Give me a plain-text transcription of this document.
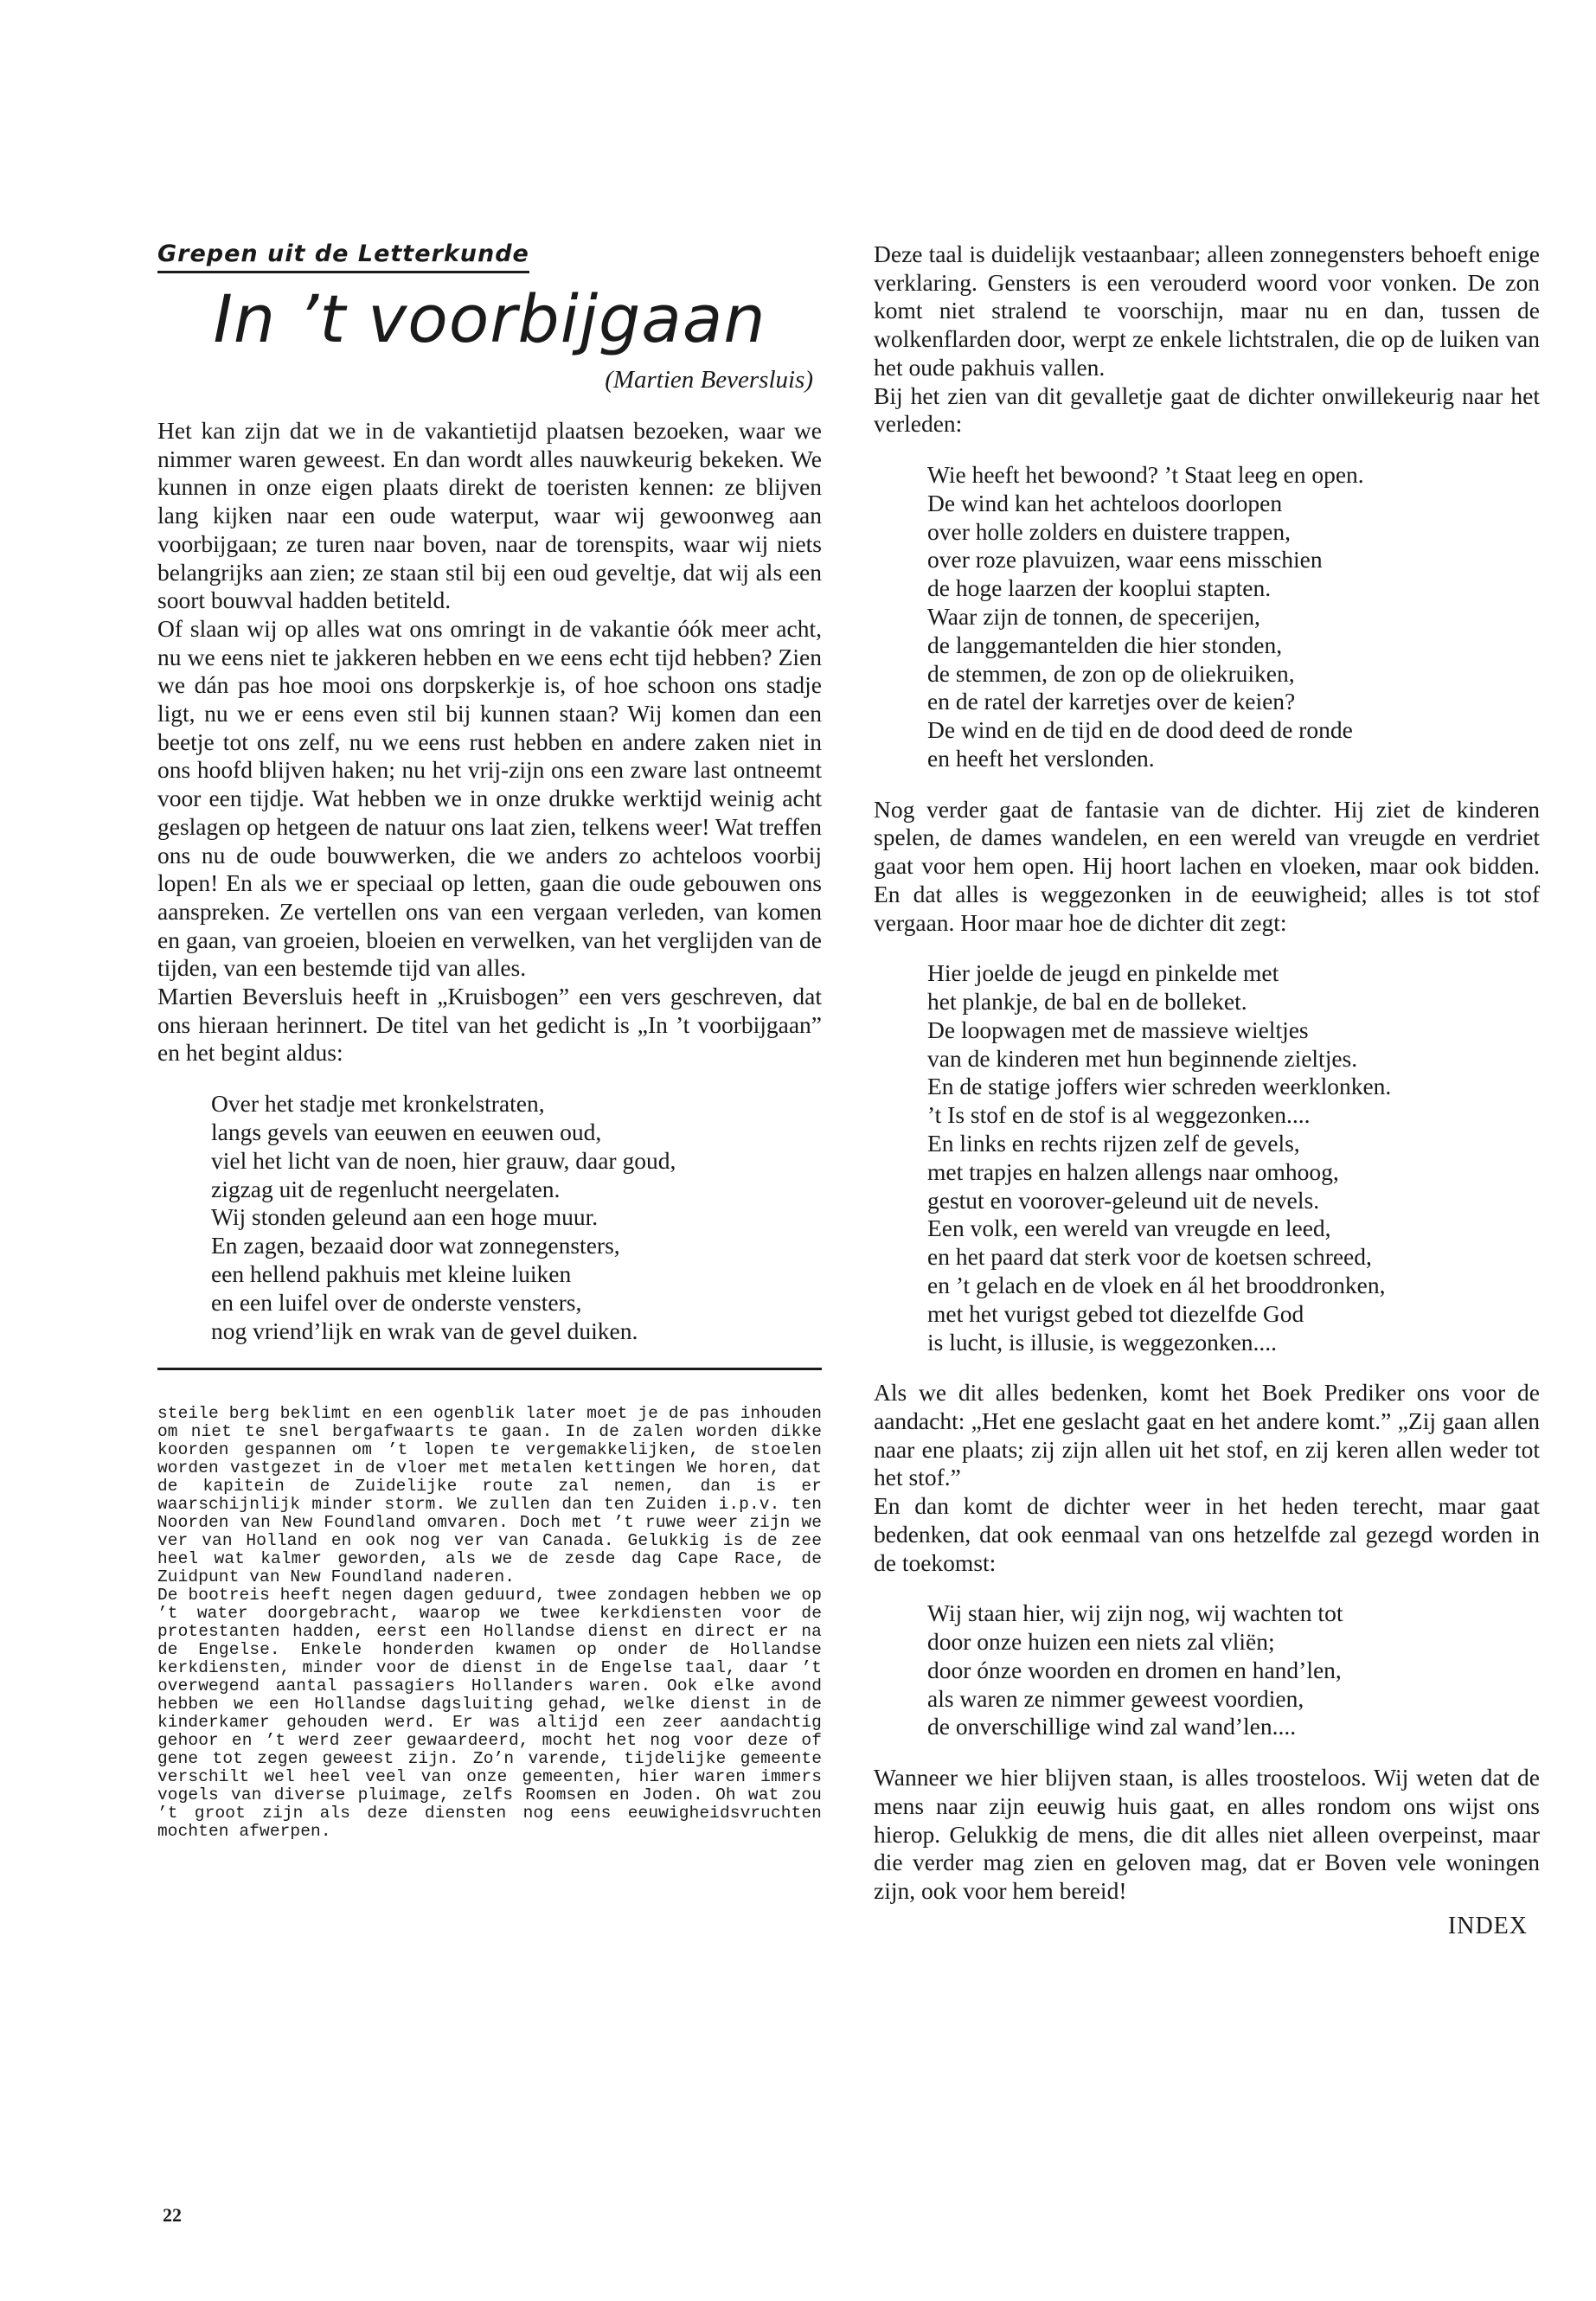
Grepen uit de Letterkunde
In ’t voorbijgaan
(Martien Beversluis)

Het kan zijn dat we in de vakantietijd plaatsen bezoeken, waar we nimmer waren geweest. En dan wordt alles nauwkeurig bekeken. We kunnen in onze eigen plaats direkt de toeristen kennen: ze blijven lang kijken naar een oude waterput, waar wij gewoonweg aan voorbijgaan; ze turen naar boven, naar de torenspits, waar wij niets belangrijks aan zien; ze staan stil bij een oud geveltje, dat wij als een soort bouwval hadden betiteld.

Of slaan wij op alles wat ons omringt in de vakantie óók meer acht, nu we eens niet te jakkeren hebben en we eens echt tijd hebben? Zien we dán pas hoe mooi ons dorpskerkje is, of hoe schoon ons stadje ligt, nu we er eens even stil bij kunnen staan? Wij komen dan een beetje tot ons zelf, nu we eens rust hebben en andere zaken niet in ons hoofd blijven haken; nu het vrij-zijn ons een zware last ontneemt voor een tijdje. Wat hebben we in onze drukke werktijd weinig acht geslagen op hetgeen de natuur ons laat zien, telkens weer! Wat treffen ons nu de oude bouwwerken, die we anders zo achteloos voorbij lopen! En als we er speciaal op letten, gaan die oude gebouwen ons aanspreken. Ze vertellen ons van een vergaan verleden, van komen en gaan, van groeien, bloeien en verwelken, van het verglijden van de tijden, van een bestemde tijd van alles.

Martien Beversluis heeft in „Kruisbogen” een vers geschreven, dat ons hieraan herinnert. De titel van het gedicht is „In ’t voorbijgaan” en het begint aldus:

Over het stadje met kronkelstraten,
langs gevels van eeuwen en eeuwen oud,
viel het licht van de noen, hier grauw, daar goud,
zigzag uit de regenlucht neergelaten.
Wij stonden geleund aan een hoge muur.
En zagen, bezaaid door wat zonnegensters,
een hellend pakhuis met kleine luiken
en een luifel over de onderste vensters,
nog vriend’lijk en wrak van de gevel duiken.

steile berg beklimt en een ogenblik later moet je de pas inhouden om niet te snel bergafwaarts te gaan. In de zalen worden dikke koorden gespannen om ’t lopen te vergemakkelijken, de stoelen worden vastgezet in de vloer met metalen kettingen We horen, dat de kapitein de Zuidelijke route zal nemen, dan is er waarschijnlijk minder storm. We zullen dan ten Zuiden i.p.v. ten Noorden van New Foundland omvaren. Doch met ’t ruwe weer zijn we ver van Holland en ook nog ver van Canada. Gelukkig is de zee heel wat kalmer geworden, als we de zesde dag Cape Race, de Zuidpunt van New Foundland naderen.

De bootreis heeft negen dagen geduurd, twee zondagen hebben we op ’t water doorgebracht, waarop we twee kerkdiensten voor de protestanten hadden, eerst een Hollandse dienst en direct er na de Engelse. Enkele honderden kwamen op onder de Hollandse kerkdiensten, minder voor de dienst in de Engelse taal, daar ’t overwegend aantal passagiers Hollanders waren. Ook elke avond hebben we een Hollandse dagsluiting gehad, welke dienst in de kinderkamer gehouden werd. Er was altijd een zeer aandachtig gehoor en ’t werd zeer gewaardeerd, mocht het nog voor deze of gene tot zegen geweest zijn. Zo’n varende, tijdelijke gemeente verschilt wel heel veel van onze gemeenten, hier waren immers vogels van diverse pluimage, zelfs Roomsen en Joden. Oh wat zou ’t groot zijn als deze diensten nog eens eeuwigheidsvruchten mochten afwerpen.

22

Deze taal is duidelijk vestaanbaar; alleen zonnegensters behoeft enige verklaring. Gensters is een verouderd woord voor vonken. De zon komt niet stralend te voorschijn, maar nu en dan, tussen de wolkenflarden door, werpt ze enkele lichtstralen, die op de luiken van het oude pakhuis vallen.

Bij het zien van dit gevalletje gaat de dichter onwillekeurig naar het verleden:

Wie heeft het bewoond? ’t Staat leeg en open.
De wind kan het achteloos doorlopen
over holle zolders en duistere trappen,
over roze plavuizen, waar eens misschien
de hoge laarzen der kooplui stapten.
Waar zijn de tonnen, de specerijen,
de langgemantelden die hier stonden,
de stemmen, de zon op de oliekruiken,
en de ratel der karretjes over de keien?
De wind en de tijd en de dood deed de ronde
en heeft het verslonden.

Nog verder gaat de fantasie van de dichter. Hij ziet de kinderen spelen, de dames wandelen, en een wereld van vreugde en verdriet gaat voor hem open. Hij hoort lachen en vloeken, maar ook bidden. En dat alles is weggezonken in de eeuwigheid; alles is tot stof vergaan. Hoor maar hoe de dichter dit zegt:

Hier joelde de jeugd en pinkelde met
het plankje, de bal en de bolleket.
De loopwagen met de massieve wieltjes
van de kinderen met hun beginnende zieltjes.
En de statige joffers wier schreden weerklonken.
’t Is stof en de stof is al weggezonken....
En links en rechts rijzen zelf de gevels,
met trapjes en halzen allengs naar omhoog,
gestut en voorover-geleund uit de nevels.
Een volk, een wereld van vreugde en leed,
en het paard dat sterk voor de koetsen schreed,
en ’t gelach en de vloek en ál het brooddronken,
met het vurigst gebed tot diezelfde God
is lucht, is illusie, is weggezonken....

Als we dit alles bedenken, komt het Boek Prediker ons voor de aandacht: „Het ene geslacht gaat en het andere komt.” „Zij gaan allen naar ene plaats; zij zijn allen uit het stof, en zij keren allen weder tot het stof.”

En dan komt de dichter weer in het heden terecht, maar gaat bedenken, dat ook eenmaal van ons hetzelfde zal gezegd worden in de toekomst:

Wij staan hier, wij zijn nog, wij wachten tot
door onze huizen een niets zal vliën;
door ónze woorden en dromen en hand’len,
als waren ze nimmer geweest voordien,
de onverschillige wind zal wand’len....

Wanneer we hier blijven staan, is alles troosteloos. Wij weten dat de mens naar zijn eeuwig huis gaat, en alles rondom ons wijst ons hierop. Gelukkig de mens, die dit alles niet alleen overpeinst, maar die verder mag zien en geloven mag, dat er Boven vele woningen zijn, ook voor hem bereid!

INDEX
